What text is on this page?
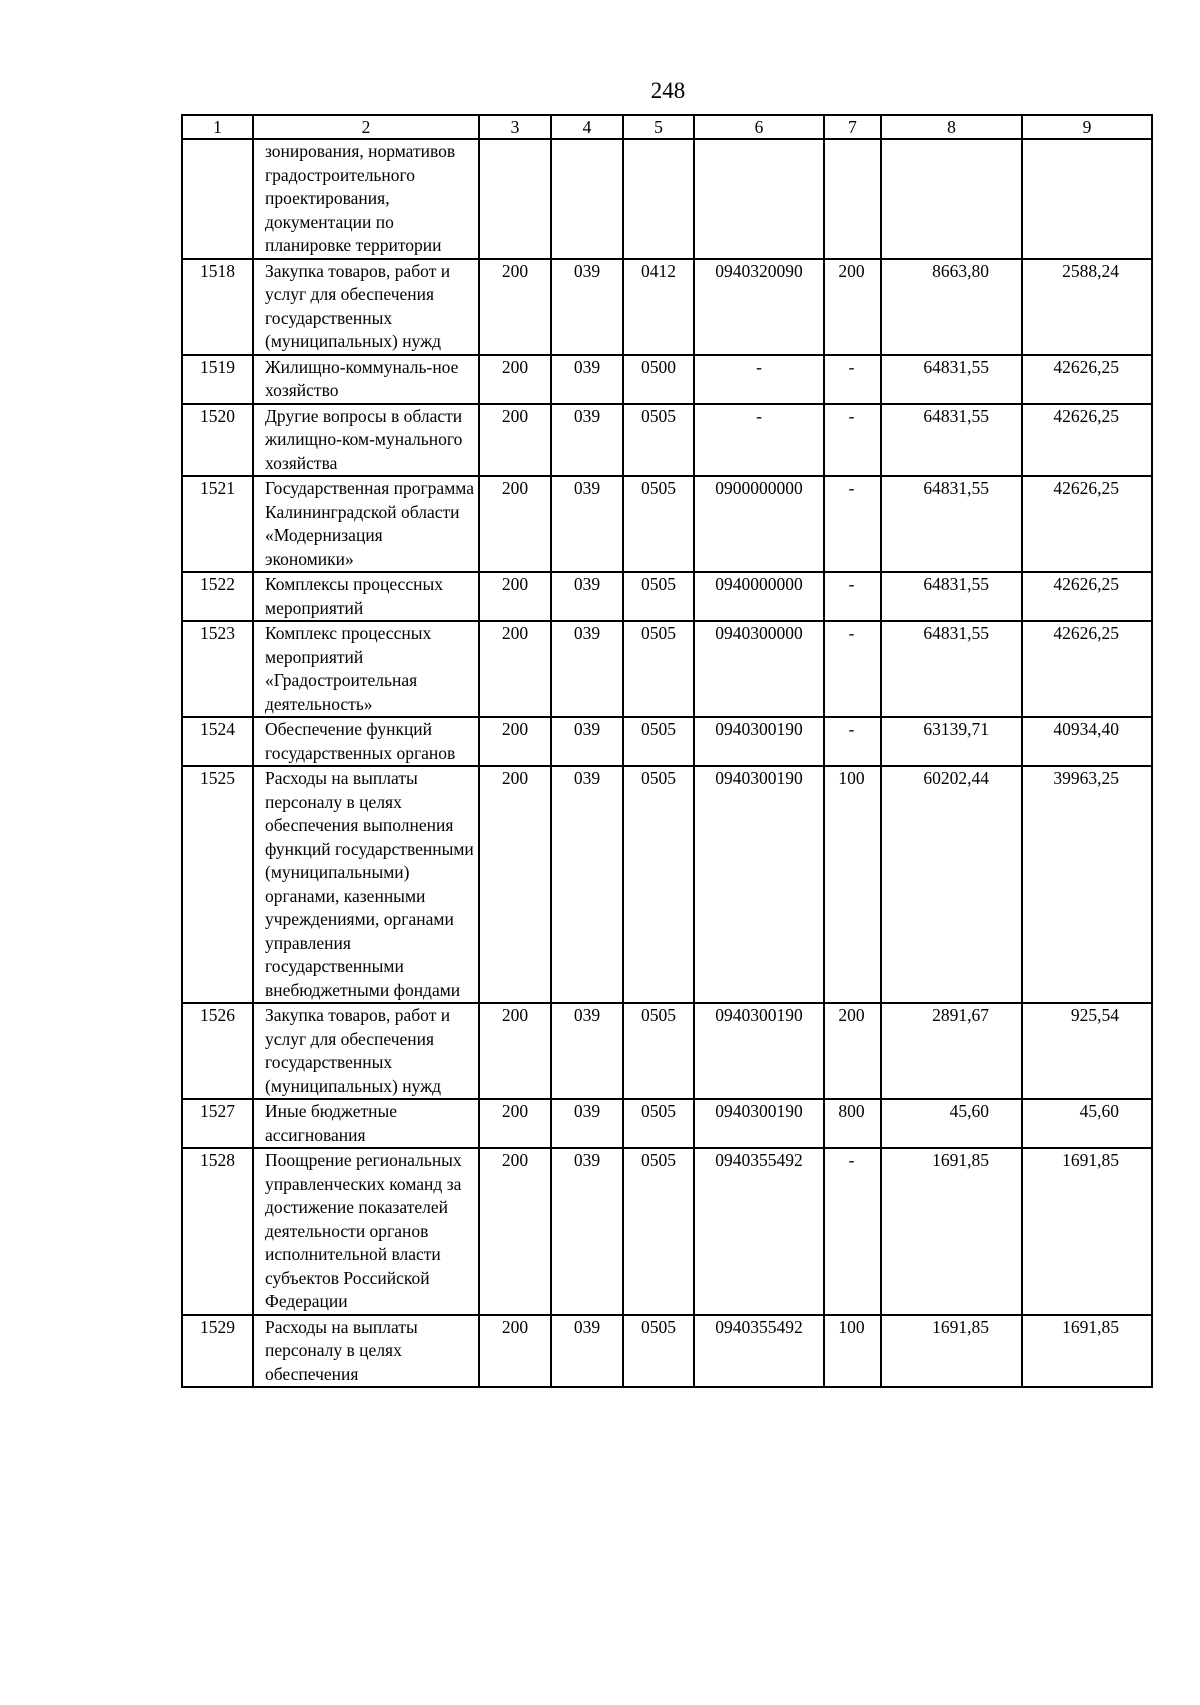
248
1	2	3	4	5	6	7	8	9
	зонирования, нормативов градостроительного проектирования, документации по планировке территории							
1518	Закупка товаров, работ и услуг для обеспечения государственных (муниципальных) нужд	200	039	0412	0940320090	200	8663,80	2588,24
1519	Жилищно-коммуналь-ное хозяйство	200	039	0500	-	-	64831,55	42626,25
1520	Другие вопросы в области жилищно-ком-мунального хозяйства	200	039	0505	-	-	64831,55	42626,25
1521	Государственная программа Калининградской области «Модернизация экономики»	200	039	0505	0900000000	-	64831,55	42626,25
1522	Комплексы процессных мероприятий	200	039	0505	0940000000	-	64831,55	42626,25
1523	Комплекс процессных мероприятий «Градостроительная деятельность»	200	039	0505	0940300000	-	64831,55	42626,25
1524	Обеспечение функций государственных органов	200	039	0505	0940300190	-	63139,71	40934,40
1525	Расходы на выплаты персоналу в целях обеспечения выполнения функций государственными (муниципальными) органами, казенными учреждениями, органами управления государственными внебюджетными фондами	200	039	0505	0940300190	100	60202,44	39963,25
1526	Закупка товаров, работ и услуг для обеспечения государственных (муниципальных) нужд	200	039	0505	0940300190	200	2891,67	925,54
1527	Иные бюджетные ассигнования	200	039	0505	0940300190	800	45,60	45,60
1528	Поощрение региональных управленческих команд за достижение показателей деятельности органов исполнительной власти субъектов Российской Федерации	200	039	0505	0940355492	-	1691,85	1691,85
1529	Расходы на выплаты персоналу в целях обеспечения	200	039	0505	0940355492	100	1691,85	1691,85
